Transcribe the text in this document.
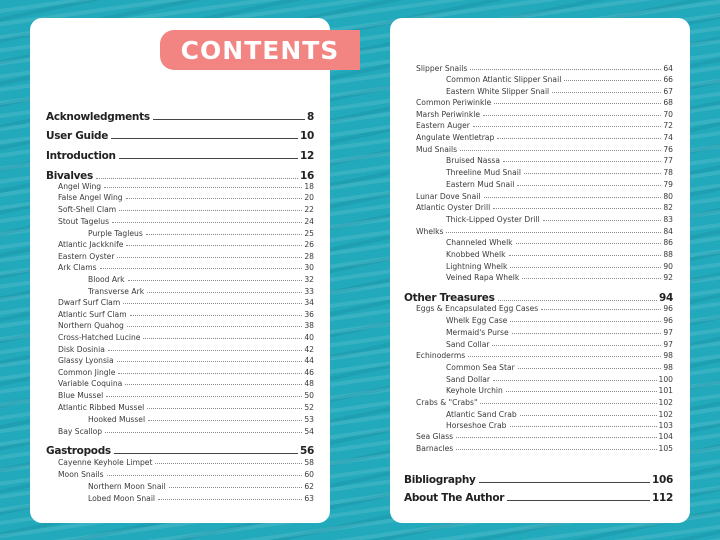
CONTENTS
Acknowledgments	8
User Guide	10
Introduction	12
Bivalves	16
Angel Wing	18
False Angel Wing	20
Soft-Shell Clam	22
Stout Tagelus	24
Purple Tagleus	25
Atlantic Jackknife	26
Eastern Oyster	28
Ark Clams	30
Blood Ark	32
Transverse Ark	33
Dwarf Surf Clam	34
Atlantic Surf Clam	36
Northern Quahog	38
Cross-Hatched Lucine	40
Disk Dosinia	42
Glassy Lyonsia	44
Common Jingle	46
Variable Coquina	48
Blue Mussel	50
Atlantic Ribbed Mussel	52
Hooked Mussel	53
Bay Scallop	54
Gastropods	56
Cayenne Keyhole Limpet	58
Moon Snails	60
Northern Moon Snail	62
Lobed Moon Snail	63
Slipper Snails	64
Common Atlantic Slipper Snail	66
Eastern White Slipper Snail	67
Common Periwinkle	68
Marsh Periwinkle	70
Eastern Auger	72
Angulate Wentletrap	74
Mud Snails	76
Bruised Nassa	77
Threeline Mud Snail	78
Eastern Mud Snail	79
Lunar Dove Snail	80
Atlantic Oyster Drill	82
Thick-Lipped Oyster Drill	83
Whelks	84
Channeled Whelk	86
Knobbed Whelk	88
Lightning Whelk	90
Veined Rapa Whelk	92
Other Treasures	94
Eggs & Encapsulated Egg Cases	96
Whelk Egg Case	96
Mermaid's Purse	97
Sand Collar	97
Echinoderms	98
Common Sea Star	98
Sand Dollar	100
Keyhole Urchin	101
Crabs & "Crabs"	102
Atlantic Sand Crab	102
Horseshoe Crab	103
Sea Glass	104
Barnacles	105
Bibliography	106
About The Author	112
